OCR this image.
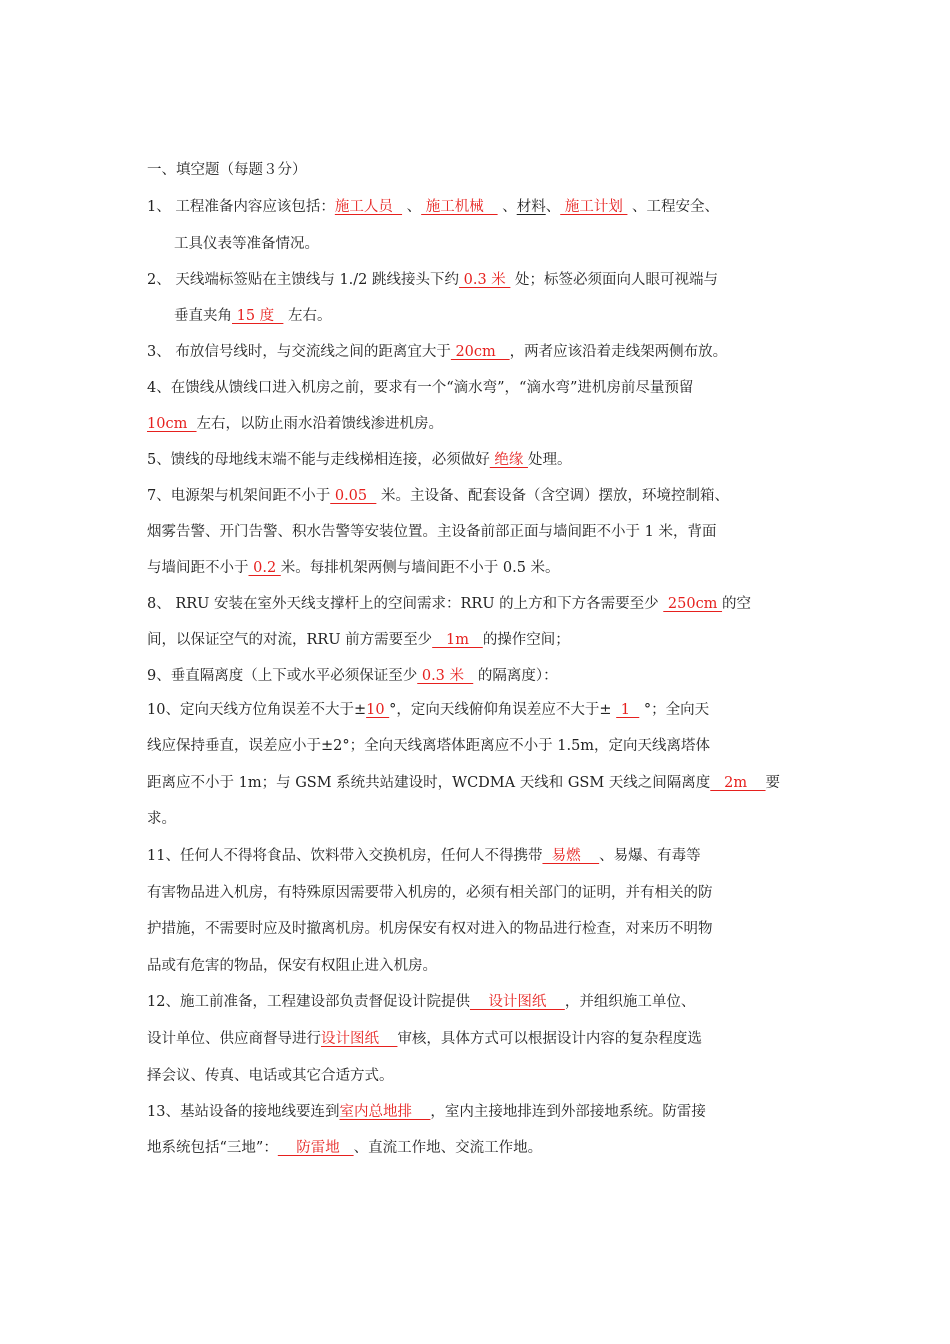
一、填空题（每题３分）
1、 工程准备内容应该包括：施工人员   、 施工机械    、材料、 施工计划  、工程安全、
工具仪表等准备情况。
2、 天线端标签贴在主馈线与 1./2 跳线接头下约 0.3 米  处；标签必须面向人眼可视端与
垂直夹角 15 度   左右。
3、 布放信号线时，与交流线之间的距离宜大于 20cm   ，两者应该沿着走线架两侧布放。
4、在馈线从馈线口进入机房之前，要求有一个“滴水弯”，“滴水弯”进机房前尽量预留
10cm  左右，以防止雨水沿着馈线渗进机房。
5、馈线的母地线末端不能与走线梯相连接，必须做好 绝缘 处理。
7、电源架与机架间距不小于 0.05   米。主设备、配套设备（含空调）摆放，环境控制箱、
烟雾告警、开门告警、积水告警等安装位置。主设备前部正面与墙间距不小于 1 米，背面
与墙间距不小于 0.2 米。每排机架两侧与墙间距不小于 0.5 米。
8、 RRU 安装在室外天线支撑杆上的空间需求：RRU 的上方和下方各需要至少  250cm 的空
间，以保证空气的对流，RRU 前方需要至少   1m   的操作空间；
9、垂直隔离度（上下或水平必须保证至少 0.3 米   的隔离度）：
10、定向天线方位角误差不大于±10 °，定向天线俯仰角误差应不大于±  1   °；全向天
线应保持垂直，误差应小于±2°；全向天线离塔体距离应不小于 1.5m，定向天线离塔体
距离应不小于 1m；与 GSM 系统共站建设时，WCDMA 天线和 GSM 天线之间隔离度   2m    要
求。
11、任何人不得将食品、饮料带入交换机房，任何人不得携带  易燃    、易爆、有毒等
有害物品进入机房，有特殊原因需要带入机房的，必须有相关部门的证明，并有相关的防
护措施，不需要时应及时撤离机房。机房保安有权对进入的物品进行检查，对来历不明物
品或有危害的物品，保安有权阻止进入机房。
12、施工前准备，工程建设部负责督促设计院提供    设计图纸    ，并组织施工单位、
设计单位、供应商督导进行设计图纸    审核，具体方式可以根据设计内容的复杂程度选
择会议、传真、电话或其它合适方式。
13、基站设备的接地线要连到室内总地排    ，室内主接地排连到外部接地系统。防雷接
地系统包括“三地”：    防雷地   、直流工作地、交流工作地。
